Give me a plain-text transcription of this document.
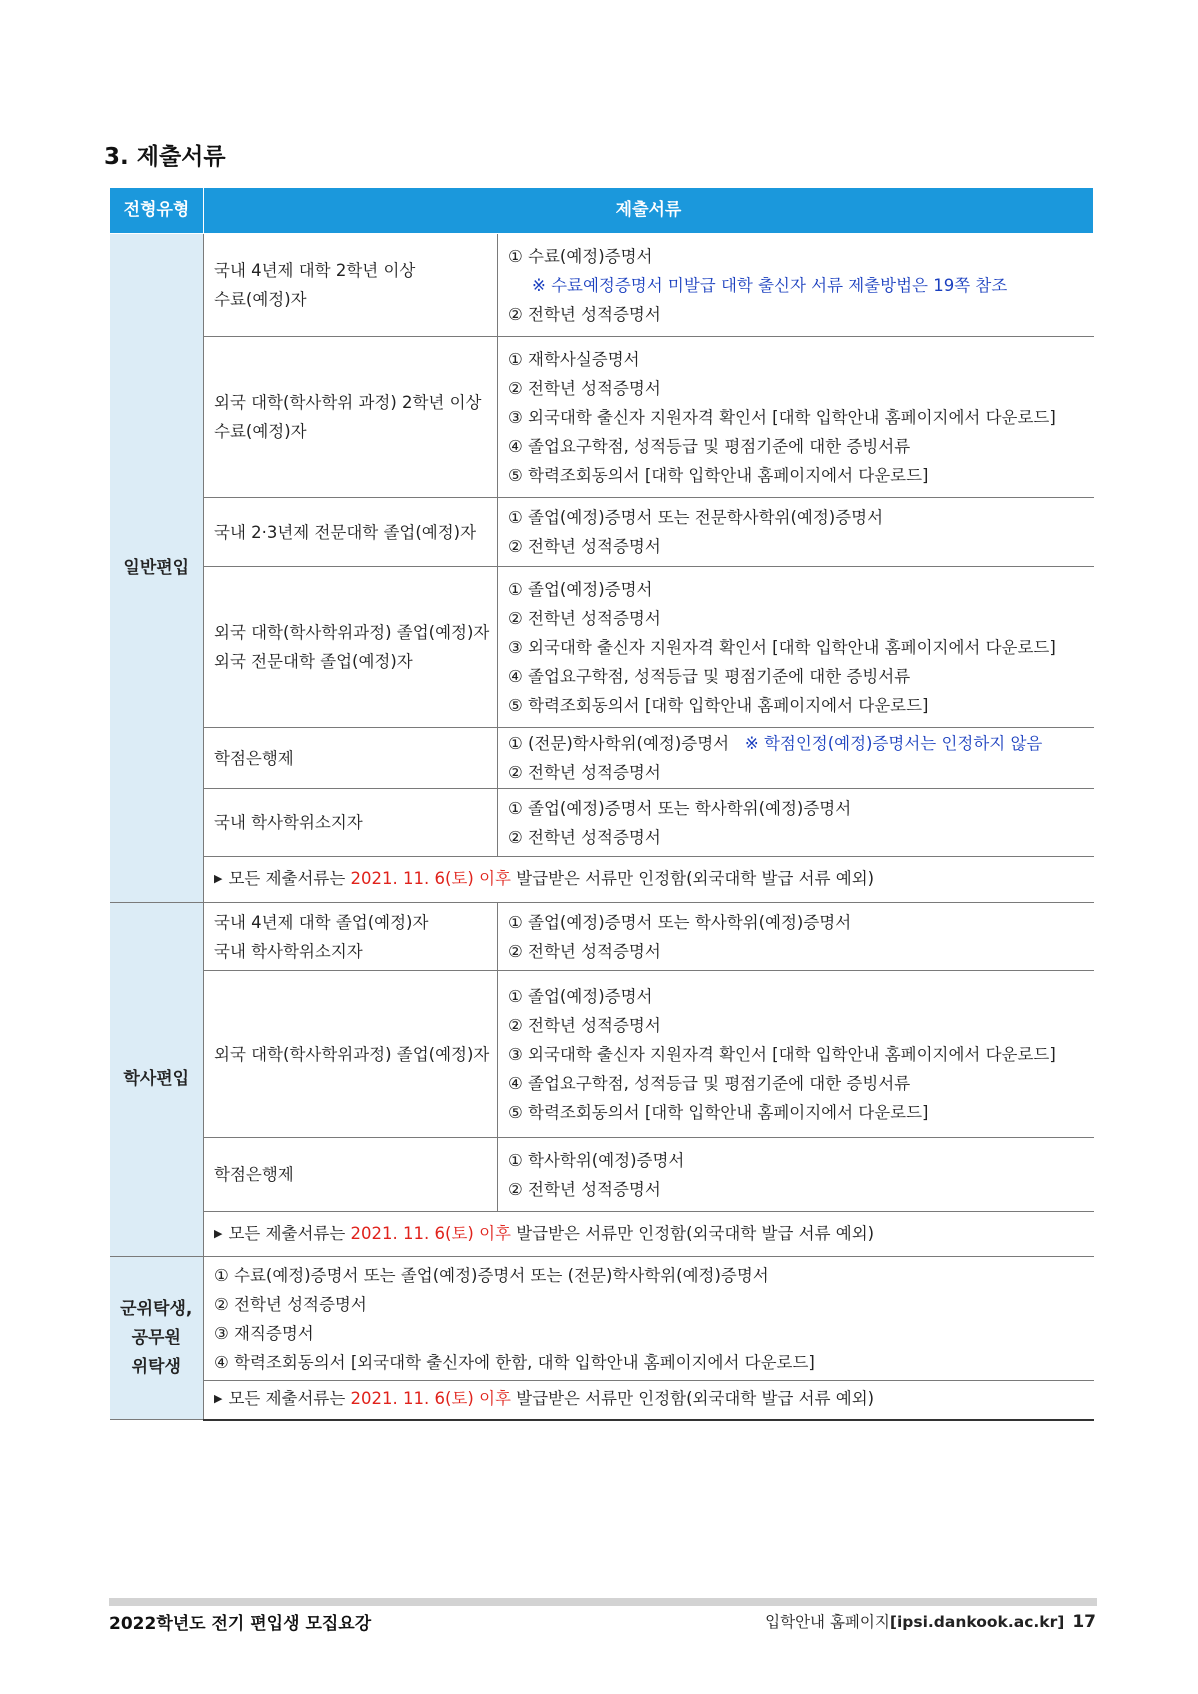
3. 제출서류
전형유형	제출서류	
일반편입	국내 4년제 대학 2학년 이상
수료(예정)자	① 수료(예정)증명서
※ 수료예정증명서 미발급 대학 출신자 서류 제출방법은 19쪽 참조
② 전학년 성적증명서

	외국 대학(학사학위 과정) 2학년 이상
수료(예정)자	① 재학사실증명서
② 전학년 성적증명서
③ 외국대학 출신자 지원자격 확인서 [대학 입학안내 홈페이지에서 다운로드]
④ 졸업요구학점, 성적등급 및 평점기준에 대한 증빙서류
⑤ 학력조회동의서 [대학 입학안내 홈페이지에서 다운로드]

	국내 2·3년제 전문대학 졸업(예정)자	① 졸업(예정)증명서 또는 전문학사학위(예정)증명서
② 전학년 성적증명서

	외국 대학(학사학위과정) 졸업(예정)자
외국 전문대학 졸업(예정)자	① 졸업(예정)증명서
② 전학년 성적증명서
③ 외국대학 출신자 지원자격 확인서 [대학 입학안내 홈페이지에서 다운로드]
④ 졸업요구학점, 성적등급 및 평점기준에 대한 증빙서류
⑤ 학력조회동의서 [대학 입학안내 홈페이지에서 다운로드]

	학점은행제	① (전문)학사학위(예정)증명서 ※ 학점인정(예정)증명서는 인정하지 않음
② 전학년 성적증명서

	국내 학사학위소지자	① 졸업(예정)증명서 또는 학사학위(예정)증명서
② 전학년 성적증명서

	▶ 모든 제출서류는 2021. 11. 6(토) 이후 발급받은 서류만 인정함(외국대학 발급 서류 예외)	
학사편입	국내 4년제 대학 졸업(예정)자
국내 학사학위소지자	① 졸업(예정)증명서 또는 학사학위(예정)증명서
② 전학년 성적증명서

	외국 대학(학사학위과정) 졸업(예정)자	① 졸업(예정)증명서
② 전학년 성적증명서
③ 외국대학 출신자 지원자격 확인서 [대학 입학안내 홈페이지에서 다운로드]
④ 졸업요구학점, 성적등급 및 평점기준에 대한 증빙서류
⑤ 학력조회동의서 [대학 입학안내 홈페이지에서 다운로드]

	학점은행제	① 학사학위(예정)증명서
② 전학년 성적증명서

	▶ 모든 제출서류는 2021. 11. 6(토) 이후 발급받은 서류만 인정함(외국대학 발급 서류 예외)	

군위탁생,
공무원
위탁생	① 수료(예정)증명서 또는 졸업(예정)증명서 또는 (전문)학사학위(예정)증명서
② 전학년 성적증명서
③ 재직증명서
④ 학력조회동의서 [외국대학 출신자에 한함, 대학 입학안내 홈페이지에서 다운로드]	

	▶ 모든 제출서류는 2021. 11. 6(토) 이후 발급받은 서류만 인정함(외국대학 발급 서류 예외)	
2022학년도 전기 편입생 모집요강	입학안내 홈페이지[ipsi.dankook.ac.kr] 17
